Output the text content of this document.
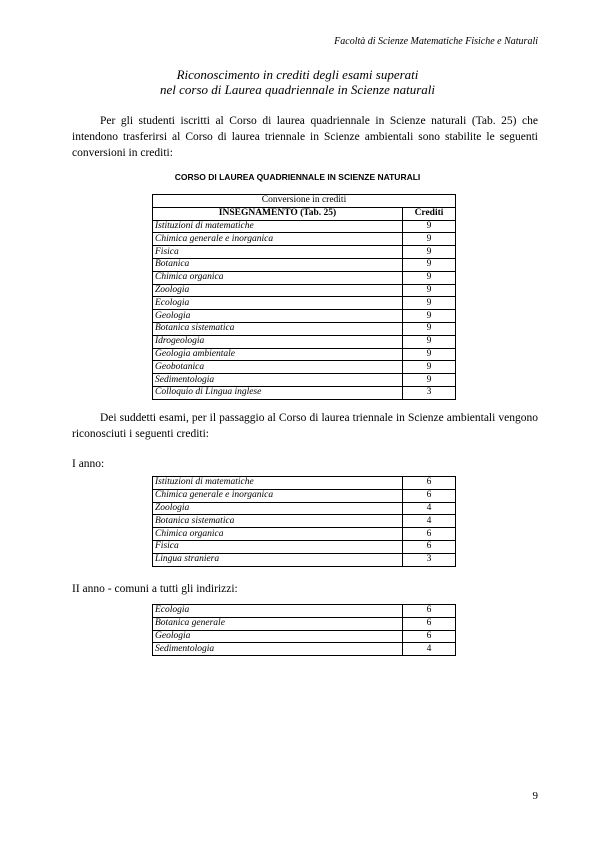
Facoltà di Scienze Matematiche Fisiche e Naturali
Riconoscimento in crediti degli esami superati
nel corso di Laurea quadriennale in Scienze naturali

Per gli studenti iscritti al Corso di laurea quadriennale in Scienze naturali (Tab. 25) che intendono trasferirsi al Corso di laurea triennale in Scienze ambientali sono stabilite le seguenti conversioni in crediti:

CORSO DI LAUREA QUADRIENNALE IN SCIENZE NATURALI
Conversione in crediti	
INSEGNAMENTO (Tab. 25)	Crediti
Istituzioni di matematiche	9
Chimica generale e inorganica	9
Fisica	9
Botanica	9
Chimica organica	9
Zoologia	9
Ecologia	9
Geologia	9
Botanica sistematica	9
Idrogeologia	9
Geologia ambientale	9
Geobotanica	9
Sedimentologia	9
Colloquio di Lingua inglese	3

Dei suddetti esami, per il passaggio al Corso di laurea triennale in Scienze ambientali vengono riconosciuti i seguenti crediti:

I anno:
Istituzioni di matematiche	6
Chimica generale e inorganica	6
Zoologia	4
Botanica sistematica	4
Chimica organica	6
Fisica	6
Lingua straniera	3
II anno - comuni a tutti gli indirizzi:
Ecologia	6
Botanica generale	6
Geologia	6
Sedimentologia	4
9
